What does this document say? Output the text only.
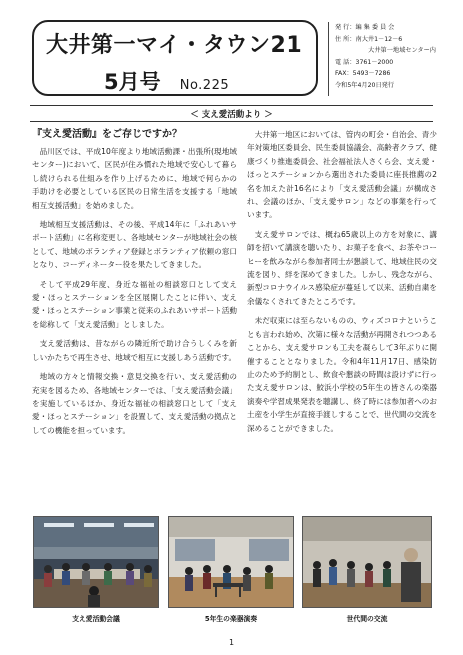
大井第一マイ・タウン21
5月号 No.225
発 行：編 集 委 員 会
住 所：南大井1－12－6
大井第一地域センター内
電 話：3761－2000
FAX：5493－7286
令和5年4月20日発行
＜ 支え愛活動より ＞
『支え愛活動』をご存じですか？

品川区では、平成10年度より地域活動課・出張所(現地域センター)において、区民が住み慣れた地域で安心して暮らし続けられる仕組みを作り上げるために、地域で何らかの手助けを必要としている区民の日常生活を支援する「地域相互支援活動」を始めました。

地域相互支援活動は、その後、平成14年に「ふれあいサポート活動」に名称変更し、各地域センターが地域社会の核として、地域のボランティア登録とボランティア依頼の窓口となり、コーディネーター役を果たしてきました。

そして平成29年度、身近な福祉の相談窓口として支え愛・ほっとステーションを全区展開したことに伴い、支え愛・ほっとステーション事業と従来のふれあいサポート活動を総称して「支え愛活動」としました。

支え愛活動は、昔ながらの隣近所で助け合うしくみを新しいかたちで再生させ、地域で相互に支援しあう活動です。

地域の方々と情報交換・意見交換を行い、支え愛活動の充実を図るため、各地域センターでは、「支え愛活動会議」を実施しているほか、身近な福祉の相談窓口として「支え愛・ほっとステーション」を設置して、支え愛活動の拠点としての機能を担っています。

大井第一地区においては、管内の町会・自治会、青少年対策地区委員会、民生委員協議会、高齢者クラブ、健康づくり推進委員会、社会福祉法人さくら会、支え愛・ほっとステーションから選出された委員に座長推薦の2名を加えた計16名により「支え愛活動会議」が構成され、会議のほか、「支え愛サロン」などの事業を行っています。

支え愛サロンでは、概ね65歳以上の方を対象に、講師を招いて講演を聴いたり、お菓子を食べ、お茶やコーヒーを飲みながら参加者同士が懇談して、地域住民の交流を図り、絆を深めてきました。しかし、残念ながら、新型コロナウイルス感染症が蔓延して以来、活動自粛を余儀なくされてきたところです。

未だ収束には至らないものの、ウィズコロナということも言われ始め、次第に様々な活動が再開されつつあることから、支え愛サロンも工夫を凝らして3年ぶりに開催することとなりました。令和4年11月17日、感染防止のため予約制とし、飲食や懇談の時間は設けずに行った支え愛サロンは、鮫浜小学校の5年生の皆さんの楽器演奏や学習成果発表を聴講し、終了時には参加者へのお土産を小学生が直接手渡しすることで、世代間の交流を深めることができました。

支え愛活動会議	5年生の楽器演奏	世代間の交流
1
